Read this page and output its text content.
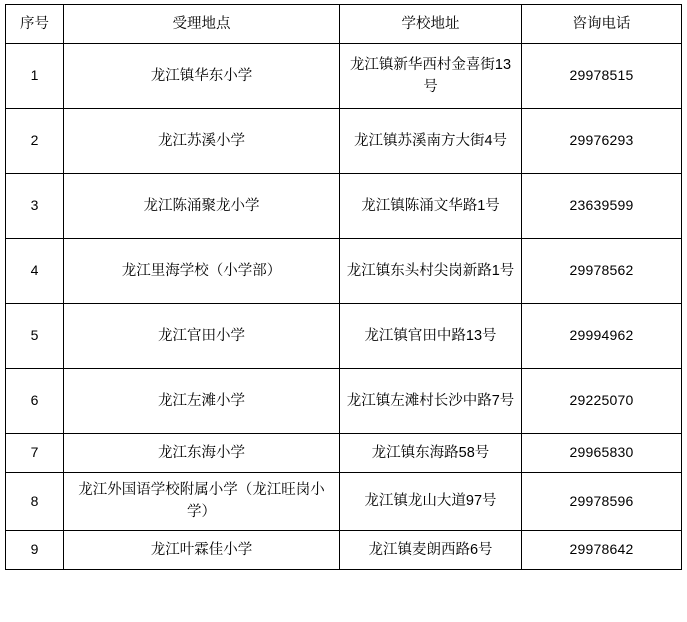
序号	受理地点	学校地址	咨询电话
1	龙江镇华东小学	龙江镇新华西村金喜街13号	29978515
2	龙江苏溪小学	龙江镇苏溪南方大街4号	29976293
3	龙江陈涌聚龙小学	龙江镇陈涌文华路1号	23639599
4	龙江里海学校（小学部）	龙江镇东头村尖岗新路1号	29978562
5	龙江官田小学	龙江镇官田中路13号	29994962
6	龙江左滩小学	龙江镇左滩村长沙中路7号	29225070
7	龙江东海小学	龙江镇东海路58号	29965830
8	龙江外国语学校附属小学（龙江旺岗小学）	龙江镇龙山大道97号	29978596
9	龙江叶霖佳小学	龙江镇麦朗西路6号	29978642
